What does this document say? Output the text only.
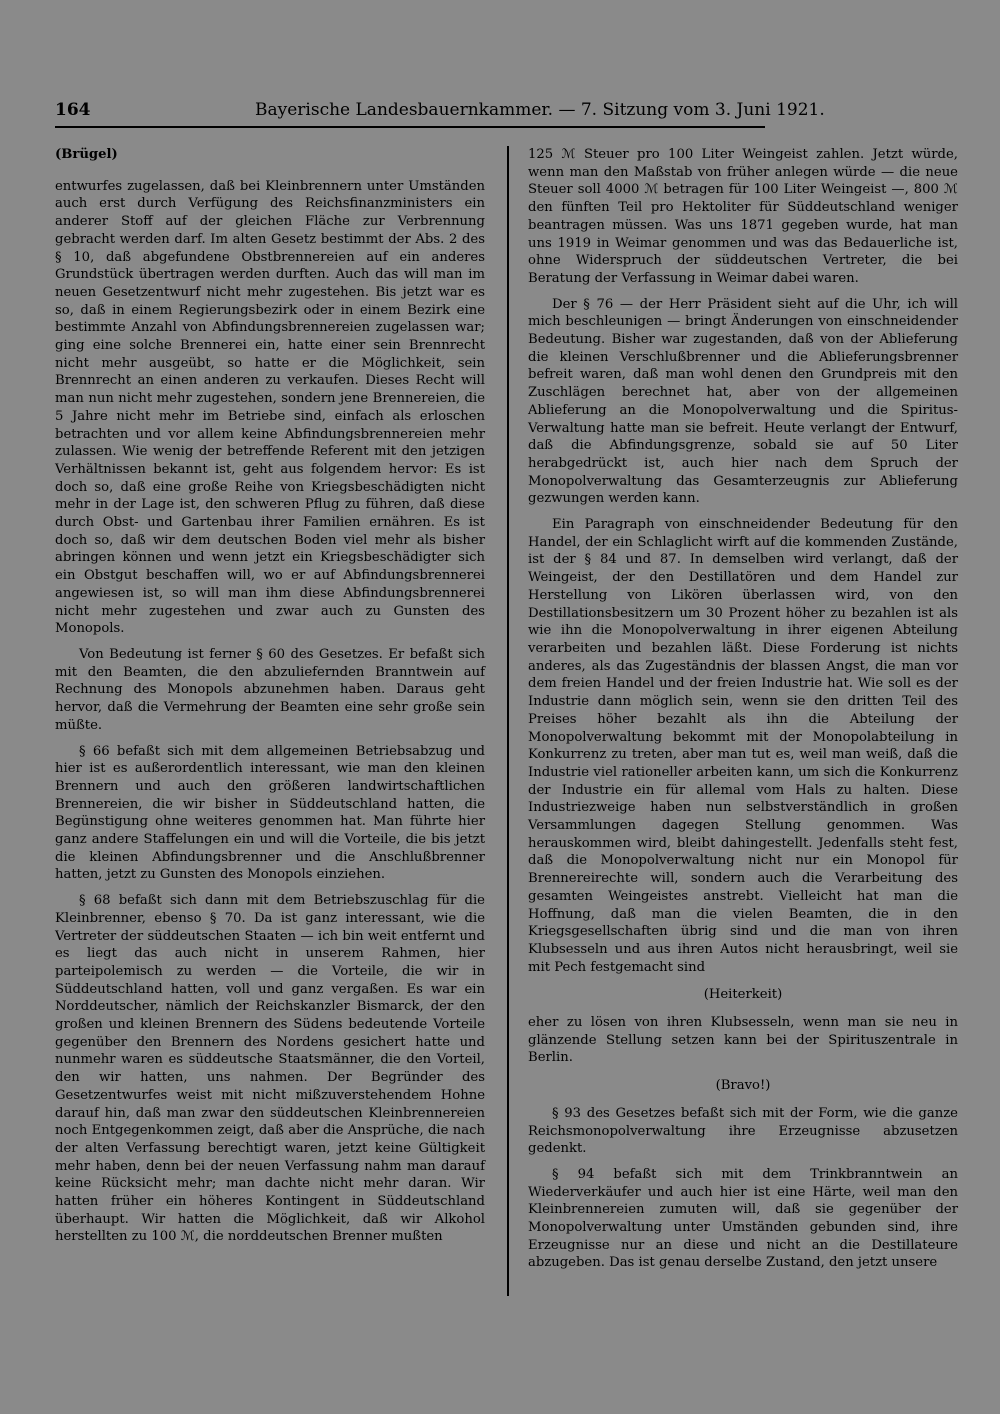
164	Bayerische Landesbauernkammer. — 7. Sitzung vom 3. Juni 1921.
(Brügel)

entwurfes zugelassen, daß bei Kleinbrennern unter Umständen auch erst durch Verfügung des Reichsfinanzministers ein anderer Stoff auf der gleichen Fläche zur Verbrennung gebracht werden darf. Im alten Gesetz bestimmt der Abs. 2 des § 10, daß abgefundene Obstbrennereien auf ein anderes Grundstück übertragen werden durften. Auch das will man im neuen Gesetzentwurf nicht mehr zugestehen. Bis jetzt war es so, daß in einem Regierungsbezirk oder in einem Bezirk eine bestimmte Anzahl von Abfindungsbrennereien zugelassen war; ging eine solche Brennerei ein, hatte einer sein Brennrecht nicht mehr ausgeübt, so hatte er die Möglichkeit, sein Brennrecht an einen anderen zu verkaufen. Dieses Recht will man nun nicht mehr zugestehen, sondern jene Brennereien, die 5 Jahre nicht mehr im Betriebe sind, einfach als erloschen betrachten und vor allem keine Abfindungsbrennereien mehr zulassen. Wie wenig der betreffende Referent mit den jetzigen Verhältnissen bekannt ist, geht aus folgendem hervor: Es ist doch so, daß eine große Reihe von Kriegsbeschädigten nicht mehr in der Lage ist, den schweren Pflug zu führen, daß diese durch Obst- und Gartenbau ihrer Familien ernähren. Es ist doch so, daß wir dem deutschen Boden viel mehr als bisher abringen können und wenn jetzt ein Kriegsbeschädigter sich ein Obstgut beschaffen will, wo er auf Abfindungsbrennerei angewiesen ist, so will man ihm diese Abfindungsbrennerei nicht mehr zugestehen und zwar auch zu Gunsten des Monopols.

Von Bedeutung ist ferner § 60 des Gesetzes. Er befaßt sich mit den Beamten, die den abzuliefernden Branntwein auf Rechnung des Monopols abzunehmen haben. Daraus geht hervor, daß die Vermehrung der Beamten eine sehr große sein müßte.

§ 66 befaßt sich mit dem allgemeinen Betriebsabzug und hier ist es außerordentlich interessant, wie man den kleinen Brennern und auch den größeren landwirtschaftlichen Brennereien, die wir bisher in Süddeutschland hatten, die Begünstigung ohne weiteres genommen hat. Man führte hier ganz andere Staffelungen ein und will die Vorteile, die bis jetzt die kleinen Abfindungsbrenner und die Anschlußbrenner hatten, jetzt zu Gunsten des Monopols einziehen.

§ 68 befaßt sich dann mit dem Betriebszuschlag für die Kleinbrenner, ebenso § 70. Da ist ganz interessant, wie die Vertreter der süddeutschen Staaten — ich bin weit entfernt und es liegt das auch nicht in unserem Rahmen, hier parteipolemisch zu werden — die Vorteile, die wir in Süddeutschland hatten, voll und ganz vergaßen. Es war ein Norddeutscher, nämlich der Reichskanzler Bismarck, der den großen und kleinen Brennern des Südens bedeutende Vorteile gegenüber den Brennern des Nordens gesichert hatte und nunmehr waren es süddeutsche Staatsmänner, die den Vorteil, den wir hatten, uns nahmen. Der Begründer des Gesetzentwurfes weist mit nicht mißzuverstehendem Hohne darauf hin, daß man zwar den süddeutschen Kleinbrennereien noch Entgegenkommen zeigt, daß aber die Ansprüche, die nach der alten Verfassung berechtigt waren, jetzt keine Gültigkeit mehr haben, denn bei der neuen Verfassung nahm man darauf keine Rücksicht mehr; man dachte nicht mehr daran. Wir hatten früher ein höheres Kontingent in Süddeutschland überhaupt. Wir hatten die Möglichkeit, daß wir Alkohol herstellten zu 100 ℳ, die norddeutschen Brenner mußten

125 ℳ Steuer pro 100 Liter Weingeist zahlen. Jetzt würde, wenn man den Maßstab von früher anlegen würde — die neue Steuer soll 4000 ℳ betragen für 100 Liter Weingeist —, 800 ℳ den fünften Teil pro Hektoliter für Süddeutschland weniger beantragen müssen. Was uns 1871 gegeben wurde, hat man uns 1919 in Weimar genommen und was das Bedauerliche ist, ohne Widerspruch der süddeutschen Vertreter, die bei Beratung der Verfassung in Weimar dabei waren.

Der § 76 — der Herr Präsident sieht auf die Uhr, ich will mich beschleunigen — bringt Änderungen von einschneidender Bedeutung. Bisher war zugestanden, daß von der Ablieferung die kleinen Verschlußbrenner und die Ablieferungsbrenner befreit waren, daß man wohl denen den Grundpreis mit den Zuschlägen berechnet hat, aber von der allgemeinen Ablieferung an die Monopolverwaltung und die Spiritus-Verwaltung hatte man sie befreit. Heute verlangt der Entwurf, daß die Abfindungsgrenze, sobald sie auf 50 Liter herabgedrückt ist, auch hier nach dem Spruch der Monopolverwaltung das Gesamterzeugnis zur Ablieferung gezwungen werden kann.

Ein Paragraph von einschneidender Bedeutung für den Handel, der ein Schlaglicht wirft auf die kommenden Zustände, ist der § 84 und 87. In demselben wird verlangt, daß der Weingeist, der den Destillatören und dem Handel zur Herstellung von Likören überlassen wird, von den Destillationsbesitzern um 30 Prozent höher zu bezahlen ist als wie ihn die Monopolverwaltung in ihrer eigenen Abteilung verarbeiten und bezahlen läßt. Diese Forderung ist nichts anderes, als das Zugeständnis der blassen Angst, die man vor dem freien Handel und der freien Industrie hat. Wie soll es der Industrie dann möglich sein, wenn sie den dritten Teil des Preises höher bezahlt als ihn die Abteilung der Monopolverwaltung bekommt mit der Monopolabteilung in Konkurrenz zu treten, aber man tut es, weil man weiß, daß die Industrie viel rationeller arbeiten kann, um sich die Konkurrenz der Industrie ein für allemal vom Hals zu halten. Diese Industriezweige haben nun selbstverständlich in großen Versammlungen dagegen Stellung genommen. Was herauskommen wird, bleibt dahingestellt. Jedenfalls steht fest, daß die Monopolverwaltung nicht nur ein Monopol für Brennereirechte will, sondern auch die Verarbeitung des gesamten Weingeistes anstrebt. Vielleicht hat man die Hoffnung, daß man die vielen Beamten, die in den Kriegsgesellschaften übrig sind und die man von ihren Klubsesseln und aus ihren Autos nicht herausbringt, weil sie mit Pech festgemacht sind

(Heiterkeit)

eher zu lösen von ihren Klubsesseln, wenn man sie neu in glänzende Stellung setzen kann bei der Spirituszentrale in Berlin.

(Bravo!)

§ 93 des Gesetzes befaßt sich mit der Form, wie die ganze Reichsmonopolverwaltung ihre Erzeugnisse abzusetzen gedenkt.

§ 94 befaßt sich mit dem Trinkbranntwein an Wiederverkäufer und auch hier ist eine Härte, weil man den Kleinbrennereien zumuten will, daß sie gegenüber der Monopolverwaltung unter Umständen gebunden sind, ihre Erzeugnisse nur an diese und nicht an die Destillateure abzugeben. Das ist genau derselbe Zustand, den jetzt unsere
